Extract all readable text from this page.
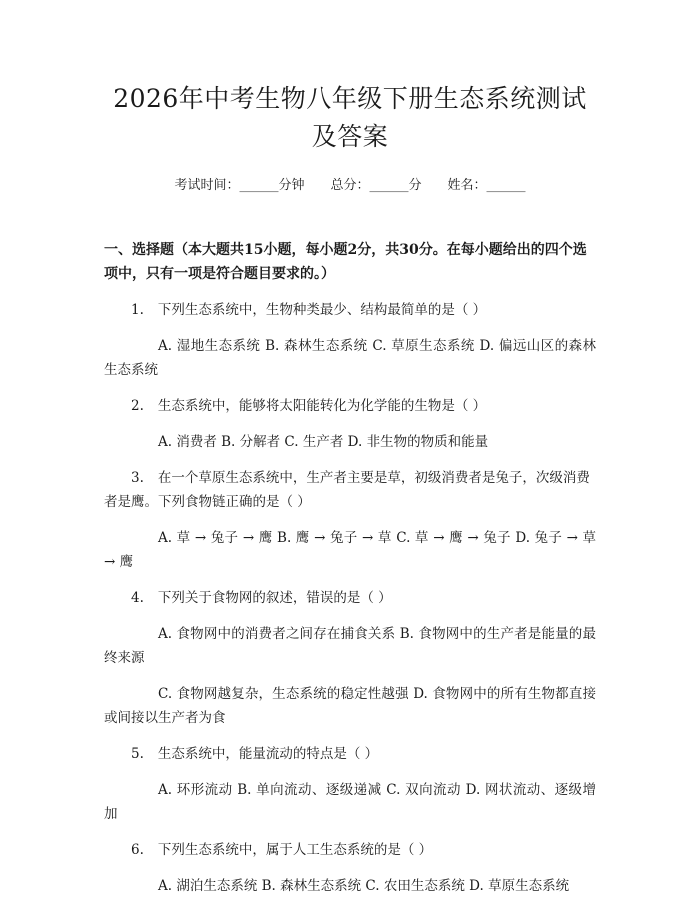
2026年中考生物八年级下册生态系统测试及答案
考试时间：______分钟 总分：______分 姓名：______
一、选择题（本大题共15小题，每小题2分，共30分。在每小题给出的四个选项中，只有一项是符合题目要求的。）
1. 下列生态系统中，生物种类最少、结构最简单的是（ ）
A. 湿地生态系统 B. 森林生态系统 C. 草原生态系统 D. 偏远山区的森林生态系统
2. 生态系统中，能够将太阳能转化为化学能的生物是（ ）
A. 消费者 B. 分解者 C. 生产者 D. 非生物的物质和能量
3. 在一个草原生态系统中，生产者主要是草，初级消费者是兔子，次级消费者是鹰。下列食物链正确的是（ ）
A. 草 → 兔子 → 鹰 B. 鹰 → 兔子 → 草 C. 草 → 鹰 → 兔子 D. 兔子 → 草 → 鹰
4. 下列关于食物网的叙述，错误的是（ ）
A. 食物网中的消费者之间存在捕食关系 B. 食物网中的生产者是能量的最终来源
C. 食物网越复杂，生态系统的稳定性越强 D. 食物网中的所有生物都直接或间接以生产者为食
5. 生态系统中，能量流动的特点是（ ）
A. 环形流动 B. 单向流动、逐级递减 C. 双向流动 D. 网状流动、逐级增加
6. 下列生态系统中，属于人工生态系统的是（ ）
A. 湖泊生态系统 B. 森林生态系统 C. 农田生态系统 D. 草原生态系统
